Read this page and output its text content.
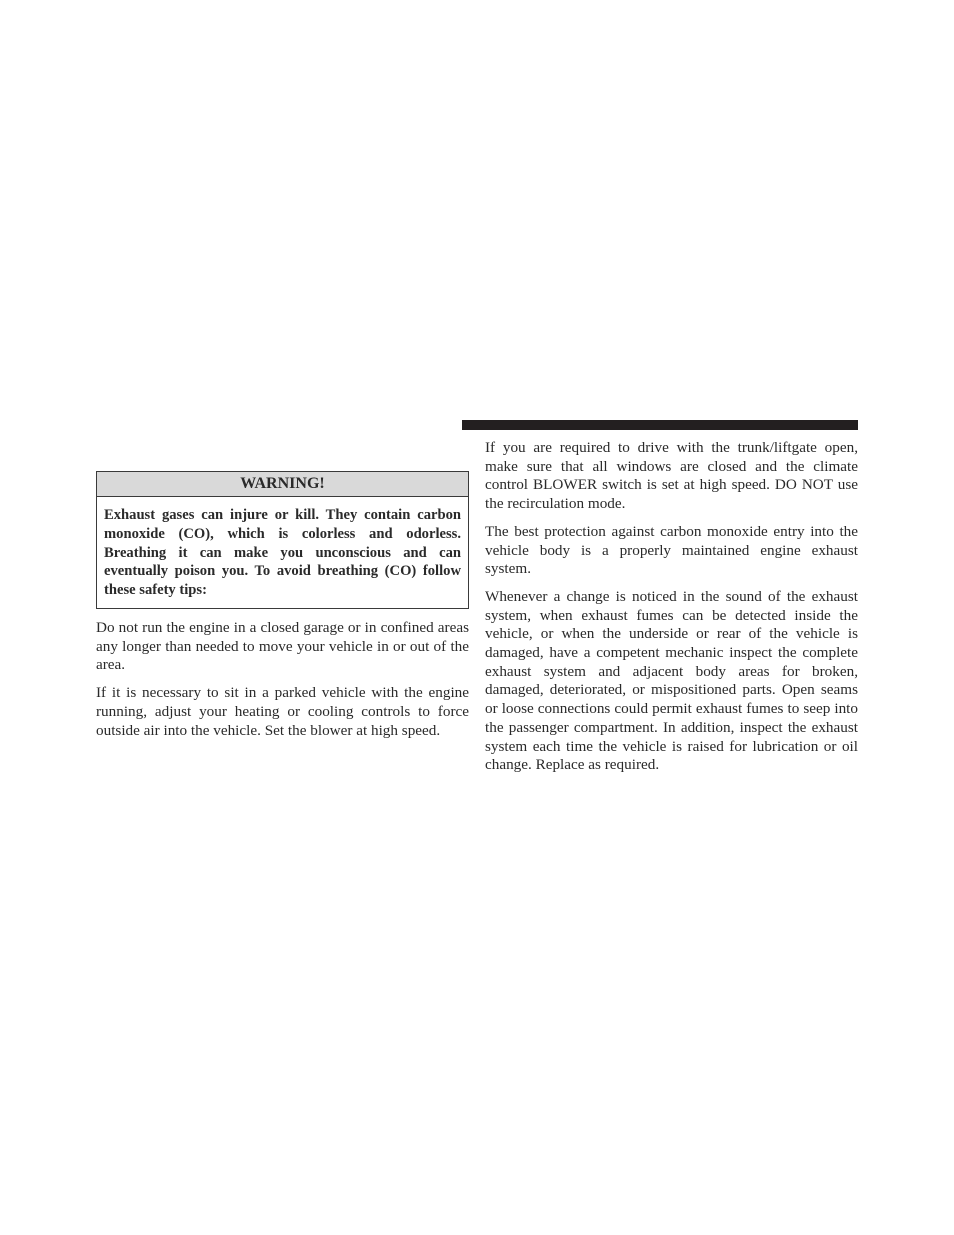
WARNING!
Exhaust gases can injure or kill. They contain carbon monoxide (CO), which is colorless and odorless. Breathing it can make you unconscious and can eventually poison you. To avoid breathing (CO) follow these safety tips:

Do not run the engine in a closed garage or in confined areas any longer than needed to move your vehicle in or out of the area.

If it is necessary to sit in a parked vehicle with the engine running, adjust your heating or cooling controls to force outside air into the vehicle. Set the blower at high speed.

If you are required to drive with the trunk/liftgate open, make sure that all windows are closed and the climate control BLOWER switch is set at high speed. DO NOT use the recirculation mode.

The best protection against carbon monoxide entry into the vehicle body is a properly maintained engine exhaust system.

Whenever a change is noticed in the sound of the exhaust system, when exhaust fumes can be detected inside the vehicle, or when the underside or rear of the vehicle is damaged, have a competent mechanic inspect the complete exhaust system and adjacent body areas for broken, damaged, deteriorated, or mispositioned parts. Open seams or loose connections could permit exhaust fumes to seep into the passenger compartment. In addition, inspect the exhaust system each time the vehicle is raised for lubrication or oil change. Replace as required.
